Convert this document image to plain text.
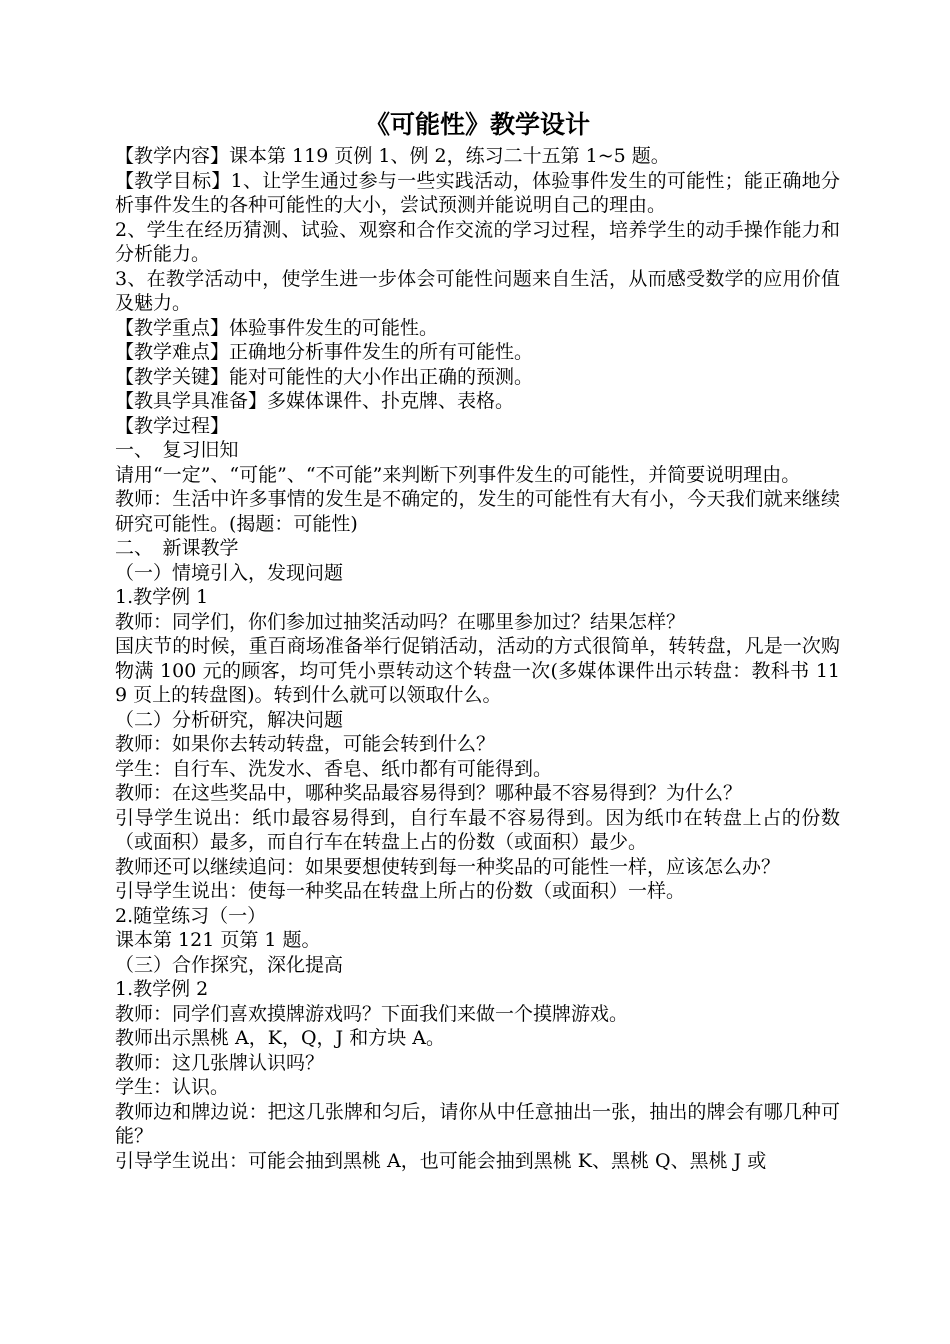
《可能性》教学设计

【教学内容】课本第 119 页例 1、例 2，练习二十五第 1~5 题。

【教学目标】1、让学生通过参与一些实践活动，体验事件发生的可能性；能正确地分析事件发生的各种可能性的大小，尝试预测并能说明自己的理由。

2、学生在经历猜测、试验、观察和合作交流的学习过程，培养学生的动手操作能力和分析能力。

3、在教学活动中，使学生进一步体会可能性问题来自生活，从而感受数学的应用价值及魅力。

【教学重点】体验事件发生的可能性。

【教学难点】正确地分析事件发生的所有可能性。

【教学关键】能对可能性的大小作出正确的预测。

【教具学具准备】多媒体课件、扑克牌、表格。

【教学过程】

一、　复习旧知

请用“一定”、“可能”、“不可能”来判断下列事件发生的可能性，并简要说明理由。

教师：生活中许多事情的发生是不确定的，发生的可能性有大有小，今天我们就来继续研究可能性。(揭题：可能性)

二、　新课教学

（一）情境引入，发现问题

1.教学例 1

教师：同学们，你们参加过抽奖活动吗？在哪里参加过？结果怎样？

国庆节的时候，重百商场准备举行促销活动，活动的方式很简单，转转盘，凡是一次购物满 100 元的顾客，均可凭小票转动这个转盘一次(多媒体课件出示转盘：教科书 119 页上的转盘图)。转到什么就可以领取什么。

（二）分析研究，解决问题

教师：如果你去转动转盘，可能会转到什么？

学生：自行车、洗发水、香皂、纸巾都有可能得到。

教师：在这些奖品中，哪种奖品最容易得到？哪种最不容易得到？为什么？

引导学生说出：纸巾最容易得到，自行车最不容易得到。因为纸巾在转盘上占的份数（或面积）最多，而自行车在转盘上占的份数（或面积）最少。

教师还可以继续追问：如果要想使转到每一种奖品的可能性一样，应该怎么办？

引导学生说出：使每一种奖品在转盘上所占的份数（或面积）一样。

2.随堂练习（一）

课本第 121 页第 1 题。

（三）合作探究，深化提高

1.教学例 2

教师：同学们喜欢摸牌游戏吗？下面我们来做一个摸牌游戏。

教师出示黑桃 A，K，Q，J 和方块 A。

教师：这几张牌认识吗？

学生：认识。

教师边和牌边说：把这几张牌和匀后，请你从中任意抽出一张，抽出的牌会有哪几种可能？

引导学生说出：可能会抽到黑桃 A，也可能会抽到黑桃 K、黑桃 Q、黑桃 J 或
